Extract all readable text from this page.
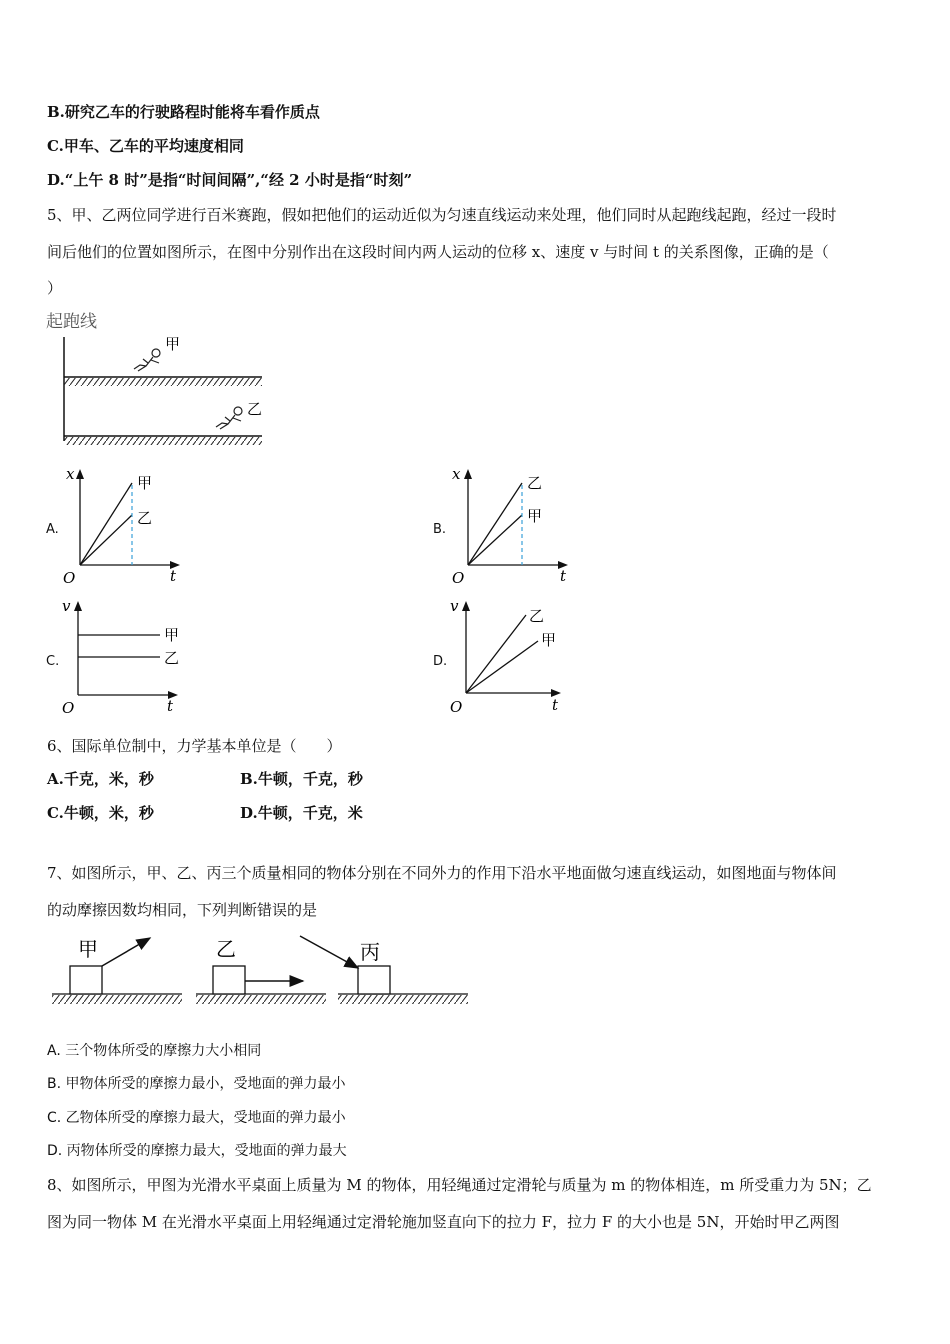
B.研究乙车的行驶路程时能将车看作质点
C.甲车、乙车的平均速度相同
D.“上午 8 时”是指“时间间隔”,“经 2 小时是指“时刻”
5、甲、乙两位同学进行百米赛跑，假如把他们的运动近似为匀速直线运动来处理，他们同时从起跑线起跑，经过一段时
间后他们的位置如图所示，在图中分别作出在这段时间内两人运动的位移 x、速度 v 与时间 t 的关系图像，正确的是（
）
起跑线
甲
乙
A.
x
t
O
甲
乙
B.
x
t
O
乙
甲
C.
v
t
O
甲
乙	D.
v
t
O
乙
甲
6、国际单位制中，力学基本单位是（　　）
A.千克，米，秒	B.牛顿，千克，秒
C.牛顿，米，秒	D.牛顿，千克，米
7、如图所示，甲、乙、丙三个质量相同的物体分别在不同外力的作用下沿水平地面做匀速直线运动，如图地面与物体间
的动摩擦因数均相同，下列判断错误的是
甲	乙	丙
A. 三个物体所受的摩擦力大小相同
B. 甲物体所受的摩擦力最小，受地面的弹力最小
C. 乙物体所受的摩擦力最大，受地面的弹力最小
D. 丙物体所受的摩擦力最大，受地面的弹力最大
8、如图所示，甲图为光滑水平桌面上质量为 M 的物体，用轻绳通过定滑轮与质量为 m 的物体相连，m 所受重力为 5N；乙
图为同一物体 M 在光滑水平桌面上用轻绳通过定滑轮施加竖直向下的拉力 F，拉力 F 的大小也是 5N，开始时甲乙两图
